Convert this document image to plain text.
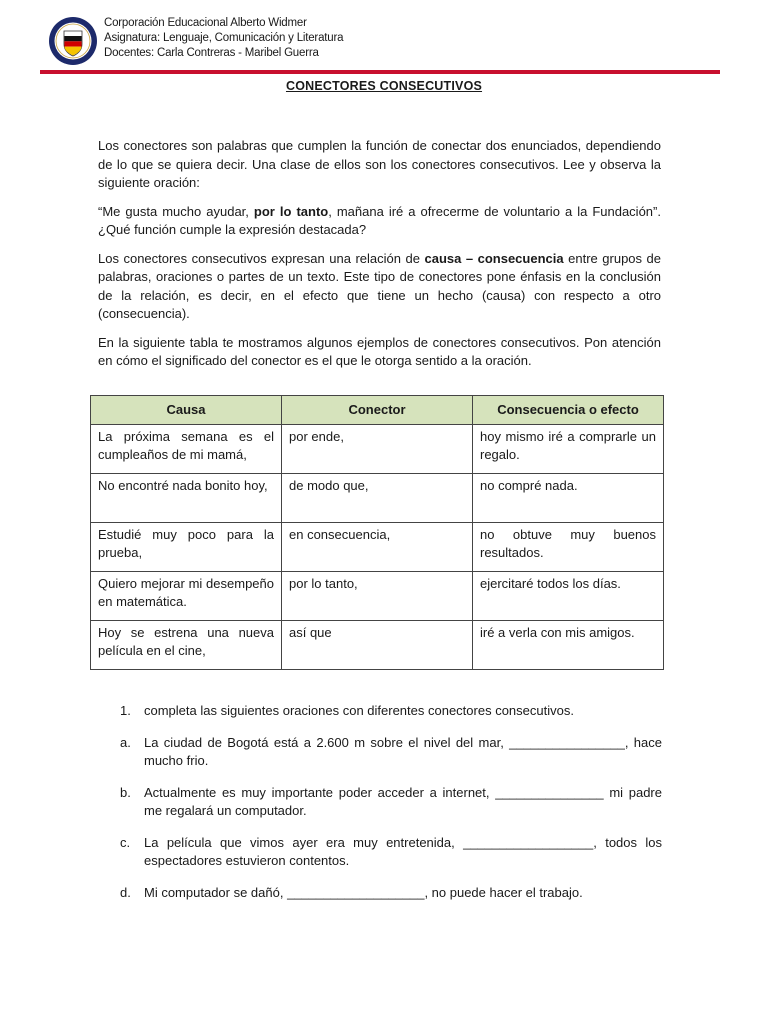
Corporación Educacional Alberto Widmer
Asignatura: Lenguaje, Comunicación y Literatura
Docentes: Carla Contreras - Maribel Guerra
CONECTORES CONSECUTIVOS

Los conectores son palabras que cumplen la función de conectar dos enunciados, dependiendo de lo que se quiera decir. Una clase de ellos son los conectores consecutivos. Lee y observa la siguiente oración:

“Me gusta mucho ayudar, por lo tanto, mañana iré a ofrecerme de voluntario a la Fundación”. ¿Qué función cumple la expresión destacada?

Los conectores consecutivos expresan una relación de causa – consecuencia entre grupos de palabras, oraciones o partes de un texto. Este tipo de conectores pone énfasis en la conclusión de la relación, es decir, en el efecto que tiene un hecho (causa) con respecto a otro (consecuencia).

En la siguiente tabla te mostramos algunos ejemplos de conectores consecutivos. Pon atención en cómo el significado del conector es el que le otorga sentido a la oración.

Causa	Conector	Consecuencia o efecto
La próxima semana es el cumpleaños de mi mamá,	por ende,	hoy mismo iré a comprarle un regalo.
No encontré nada bonito hoy,	de modo que,	no compré nada.
Estudié muy poco para la prueba,	en consecuencia,	no obtuve muy buenos resultados.
Quiero mejorar mi desempeño en matemática.	por lo tanto,	ejercitaré todos los días.
Hoy se estrena una nueva película en el cine,	así que	iré a verla con mis amigos.
1.	completa las siguientes oraciones con diferentes conectores consecutivos.
a.	La ciudad de Bogotá está a 2.600 m sobre el nivel del mar, ________________, hace mucho frio.
b.	Actualmente es muy importante poder acceder a internet, _______________ mi padre me regalará un computador.
c.	La película que vimos ayer era muy entretenida, __________________, todos los espectadores estuvieron contentos.
d.	Mi computador se dañó, ___________________, no puede hacer el trabajo.
